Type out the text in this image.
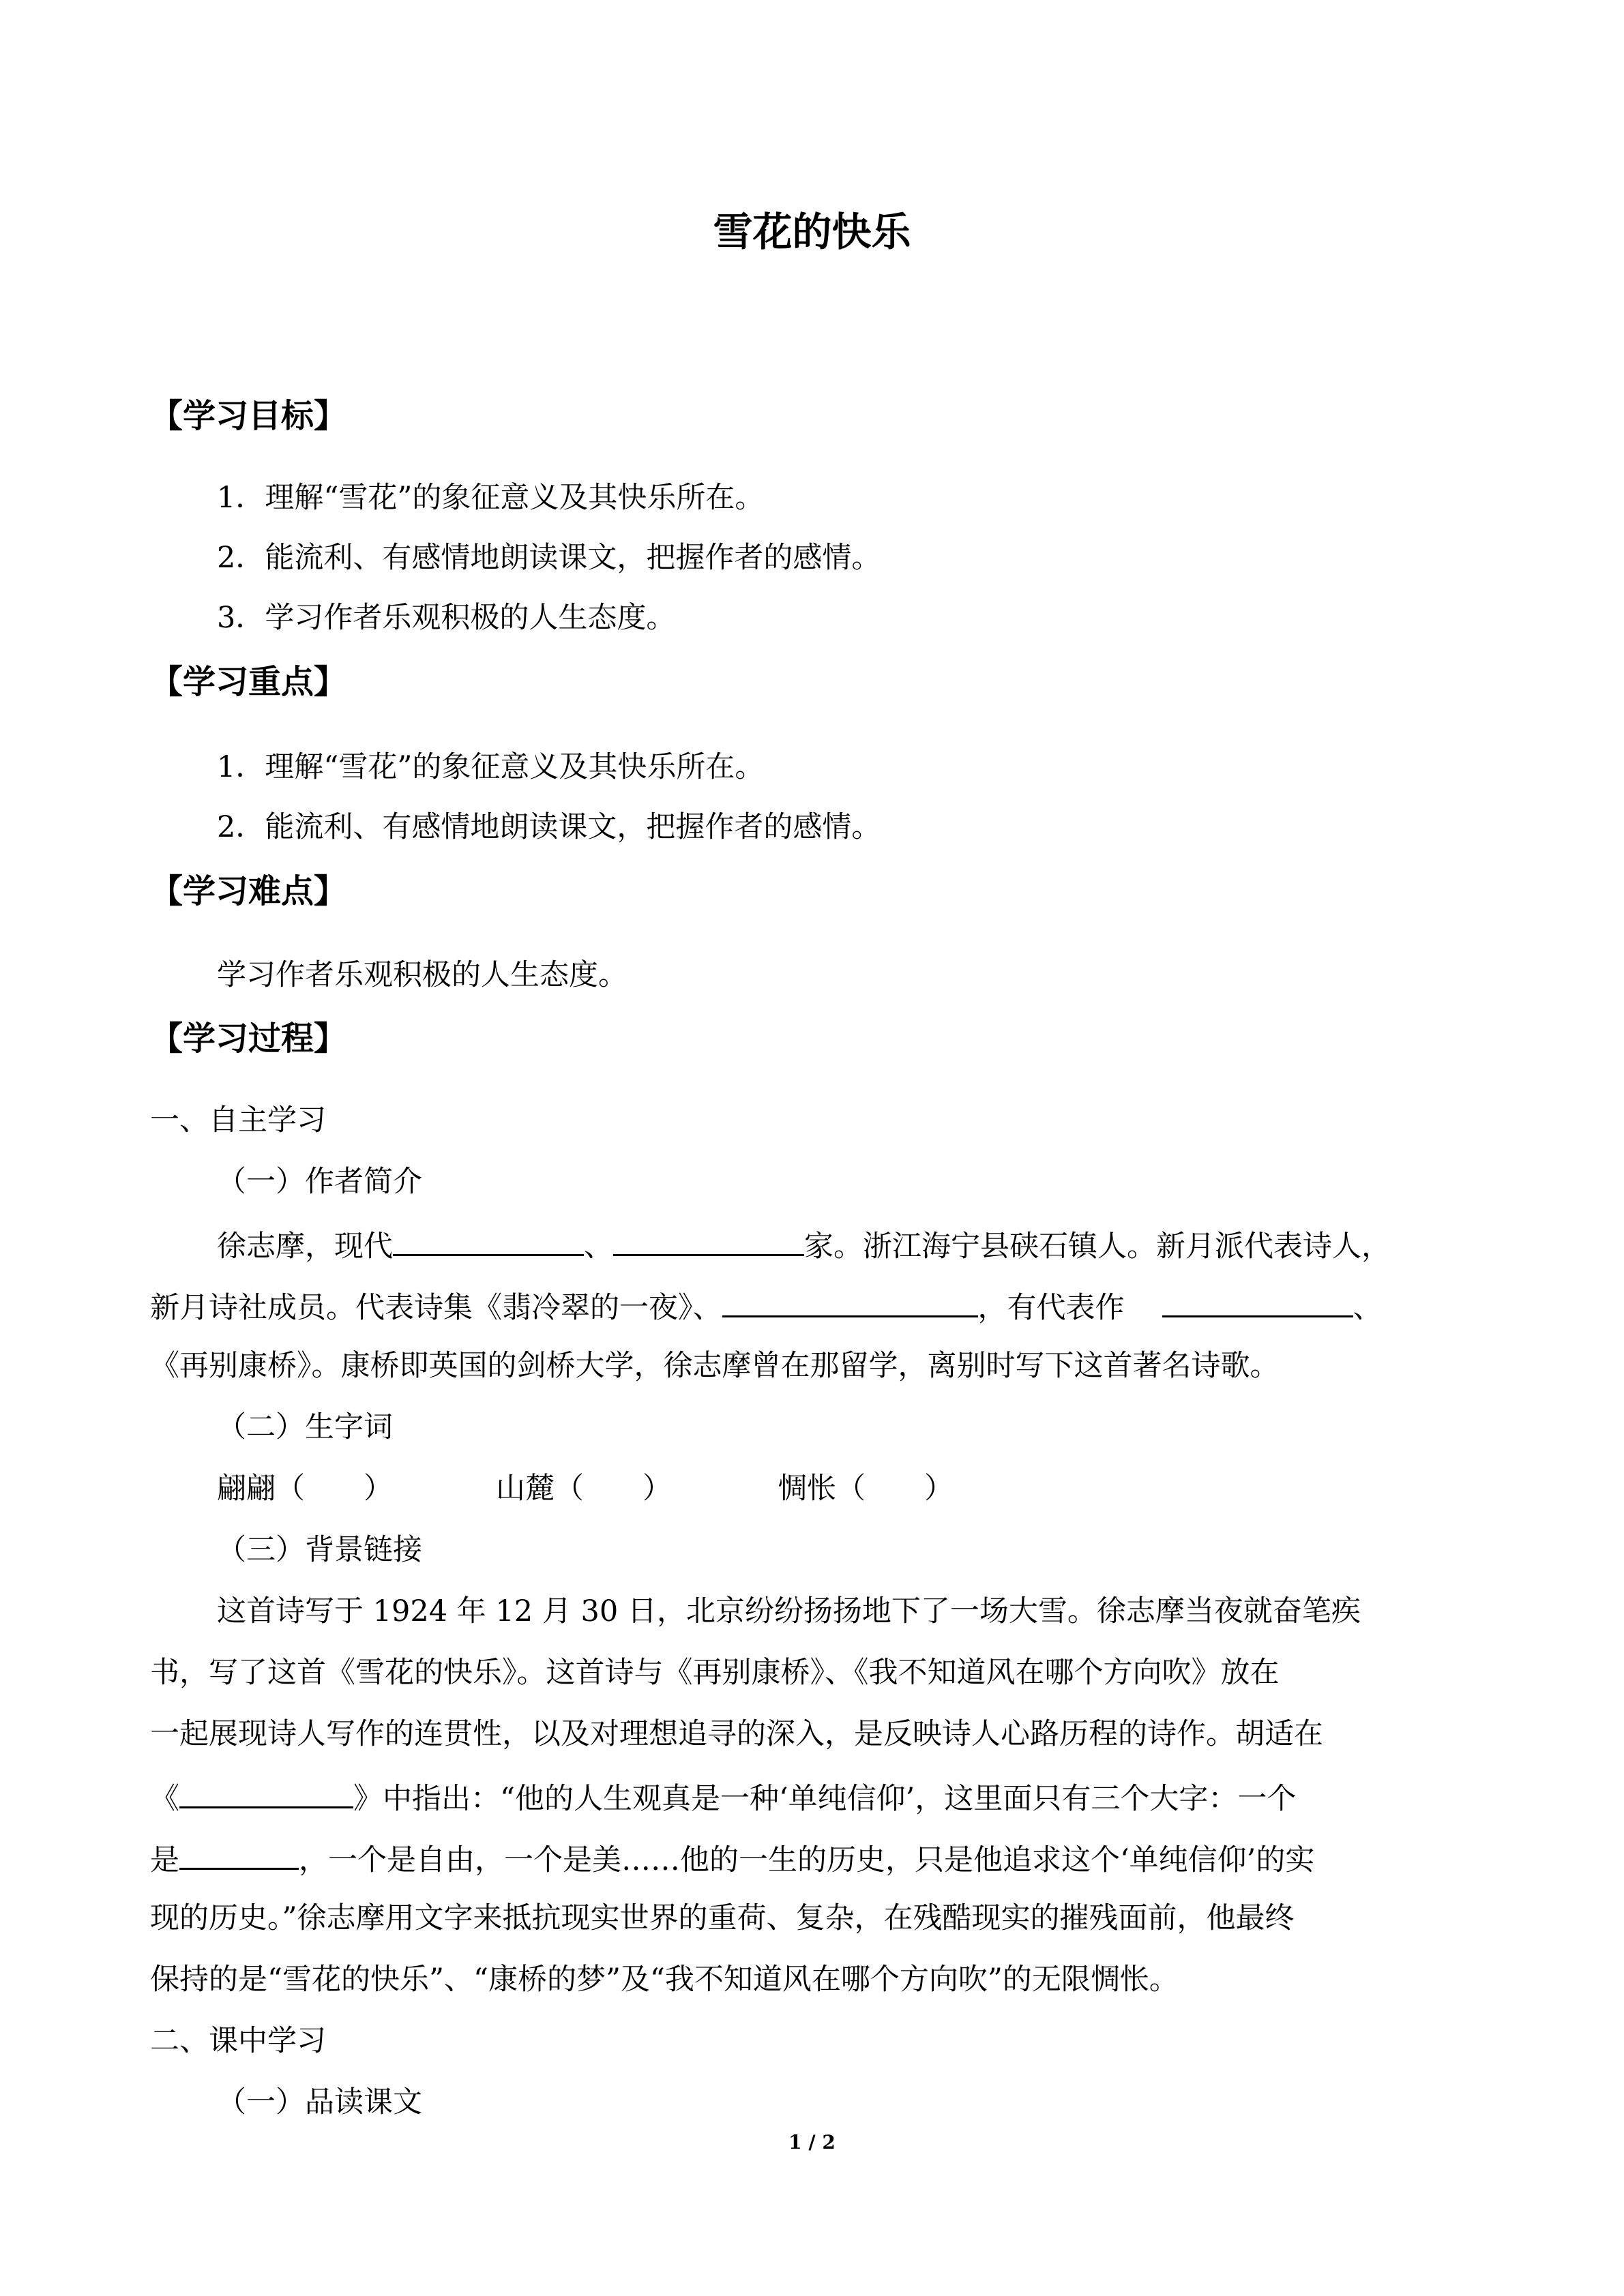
雪花的快乐
【学习目标】
1．理解“雪花”的象征意义及其快乐所在。
2．能流利、有感情地朗读课文，把握作者的感情。
3．学习作者乐观积极的人生态度。
【学习重点】
1．理解“雪花”的象征意义及其快乐所在。
2．能流利、有感情地朗读课文，把握作者的感情。
【学习难点】
学习作者乐观积极的人生态度。
【学习过程】
一、自主学习
（一）作者简介
徐志摩，现代	、	家。浙江海宁县硖石镇人。新月派代表诗人，
新月诗社成员。代表诗集《翡冷翠的一夜》、	，有代表作	、
《再别康桥》。康桥即英国的剑桥大学，徐志摩曾在那留学，离别时写下这首著名诗歌。
（二）生字词
翩翩（　　）	山麓（　　）	惆怅（　　）
（三）背景链接
这首诗写于 1924 年 12 月 30 日，北京纷纷扬扬地下了一场大雪。徐志摩当夜就奋笔疾
书，写了这首《雪花的快乐》。这首诗与《再别康桥》、《我不知道风在哪个方向吹》放在
一起展现诗人写作的连贯性，以及对理想追寻的深入，是反映诗人心路历程的诗作。胡适在
《	》中指出：“他的人生观真是一种‘单纯信仰’，这里面只有三个大字：一个
是	，一个是自由，一个是美……他的一生的历史，只是他追求这个‘单纯信仰’的实
现的历史。”徐志摩用文字来抵抗现实世界的重荷、复杂，在残酷现实的摧残面前，他最终
保持的是“雪花的快乐”、“康桥的梦”及“我不知道风在哪个方向吹”的无限惆怅。
二、课中学习
（一）品读课文
1 / 2
